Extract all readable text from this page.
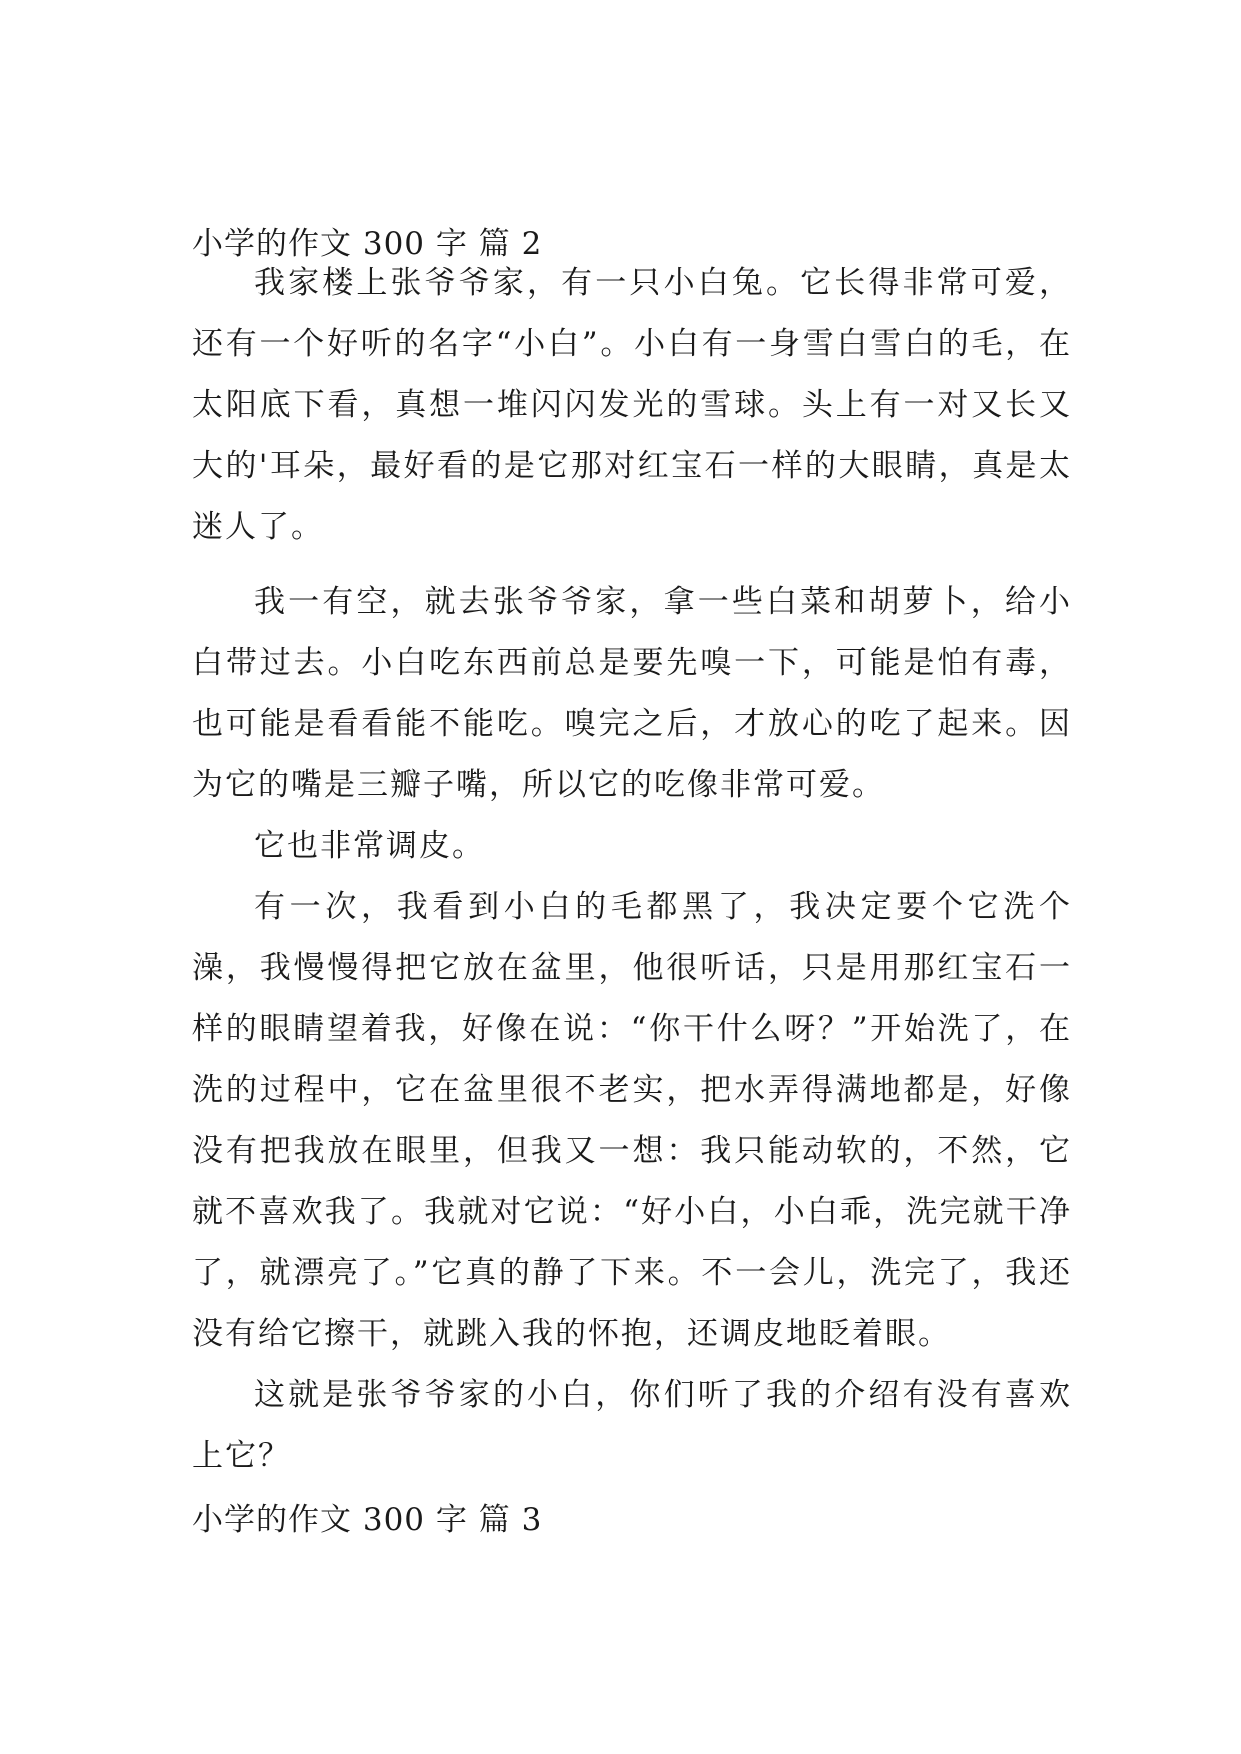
小学的作文 300 字 篇 2

我家楼上张爷爷家，有一只小白兔。它长得非常可爱，还有一个好听的名字“小白”。小白有一身雪白雪白的毛，在太阳底下看，真想一堆闪闪发光的雪球。头上有一对又长又大的'耳朵，最好看的是它那对红宝石一样的大眼睛，真是太迷人了。

我一有空，就去张爷爷家，拿一些白菜和胡萝卜，给小白带过去。小白吃东西前总是要先嗅一下，可能是怕有毒，也可能是看看能不能吃。嗅完之后，才放心的吃了起来。因为它的嘴是三瓣子嘴，所以它的吃像非常可爱。

它也非常调皮。

有一次，我看到小白的毛都黑了，我决定要个它洗个澡，我慢慢得把它放在盆里，他很听话，只是用那红宝石一样的眼睛望着我，好像在说：“你干什么呀？”开始洗了，在洗的过程中，它在盆里很不老实，把水弄得满地都是，好像没有把我放在眼里，但我又一想：我只能动软的，不然，它就不喜欢我了。我就对它说：“好小白，小白乖，洗完就干净了，就漂亮了。”它真的静了下来。不一会儿，洗完了，我还没有给它擦干，就跳入我的怀抱，还调皮地眨着眼。

这就是张爷爷家的小白，你们听了我的介绍有没有喜欢上它？

小学的作文 300 字 篇 3
